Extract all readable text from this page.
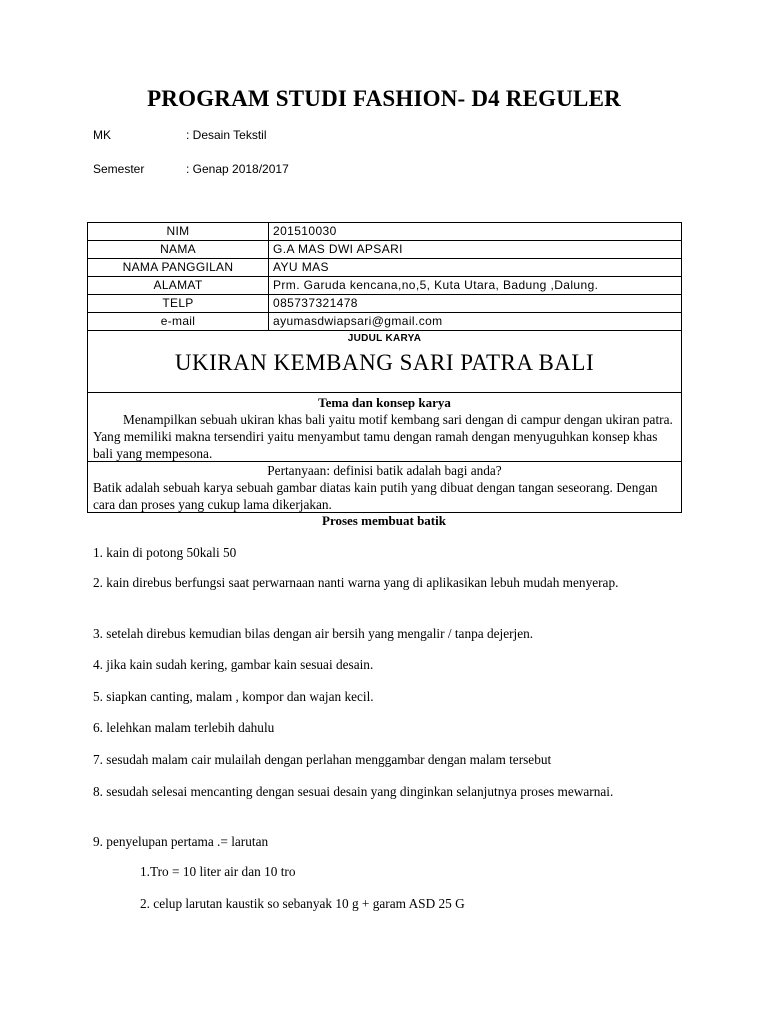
PROGRAM STUDI FASHION- D4 REGULER
MK	: Desain Tekstil
Semester	: Genap 2018/2017
NIM	201510030
NAMA	G.A MAS DWI APSARI
NAMA PANGGILAN	AYU MAS
ALAMAT	Prm. Garuda kencana,no,5, Kuta Utara, Badung ,Dalung.
TELP	085737321478
e-mail	ayumasdwiapsari@gmail.com
JUDUL KARYA
UKIRAN KEMBANG SARI PATRA BALI
Tema dan konsep karya
Menampilkan sebuah ukiran khas bali yaitu motif kembang sari dengan di campur dengan ukiran patra. Yang memiliki makna tersendiri yaitu menyambut tamu dengan ramah dengan menyuguhkan konsep khas bali yang mempesona.
Pertanyaan: definisi batik adalah bagi anda?
Batik adalah sebuah karya sebuah gambar diatas kain putih yang dibuat dengan tangan seseorang. Dengan cara dan proses yang cukup lama dikerjakan.
Proses membuat batik
1. kain di potong 50kali 50
2. kain direbus berfungsi saat perwarnaan nanti warna yang di aplikasikan lebuh mudah menyerap.
3. setelah direbus kemudian bilas dengan air bersih yang mengalir / tanpa dejerjen.
4. jika kain sudah kering, gambar kain sesuai desain.
5. siapkan canting, malam , kompor dan wajan kecil.
6. lelehkan malam terlebih dahulu
7. sesudah malam cair mulailah dengan perlahan menggambar dengan malam tersebut
8. sesudah selesai mencanting dengan sesuai desain yang dinginkan selanjutnya proses mewarnai.
9. penyelupan pertama .= larutan
1.Tro = 10 liter air dan 10 tro
2. celup larutan kaustik so sebanyak 10 g + garam ASD 25 G
